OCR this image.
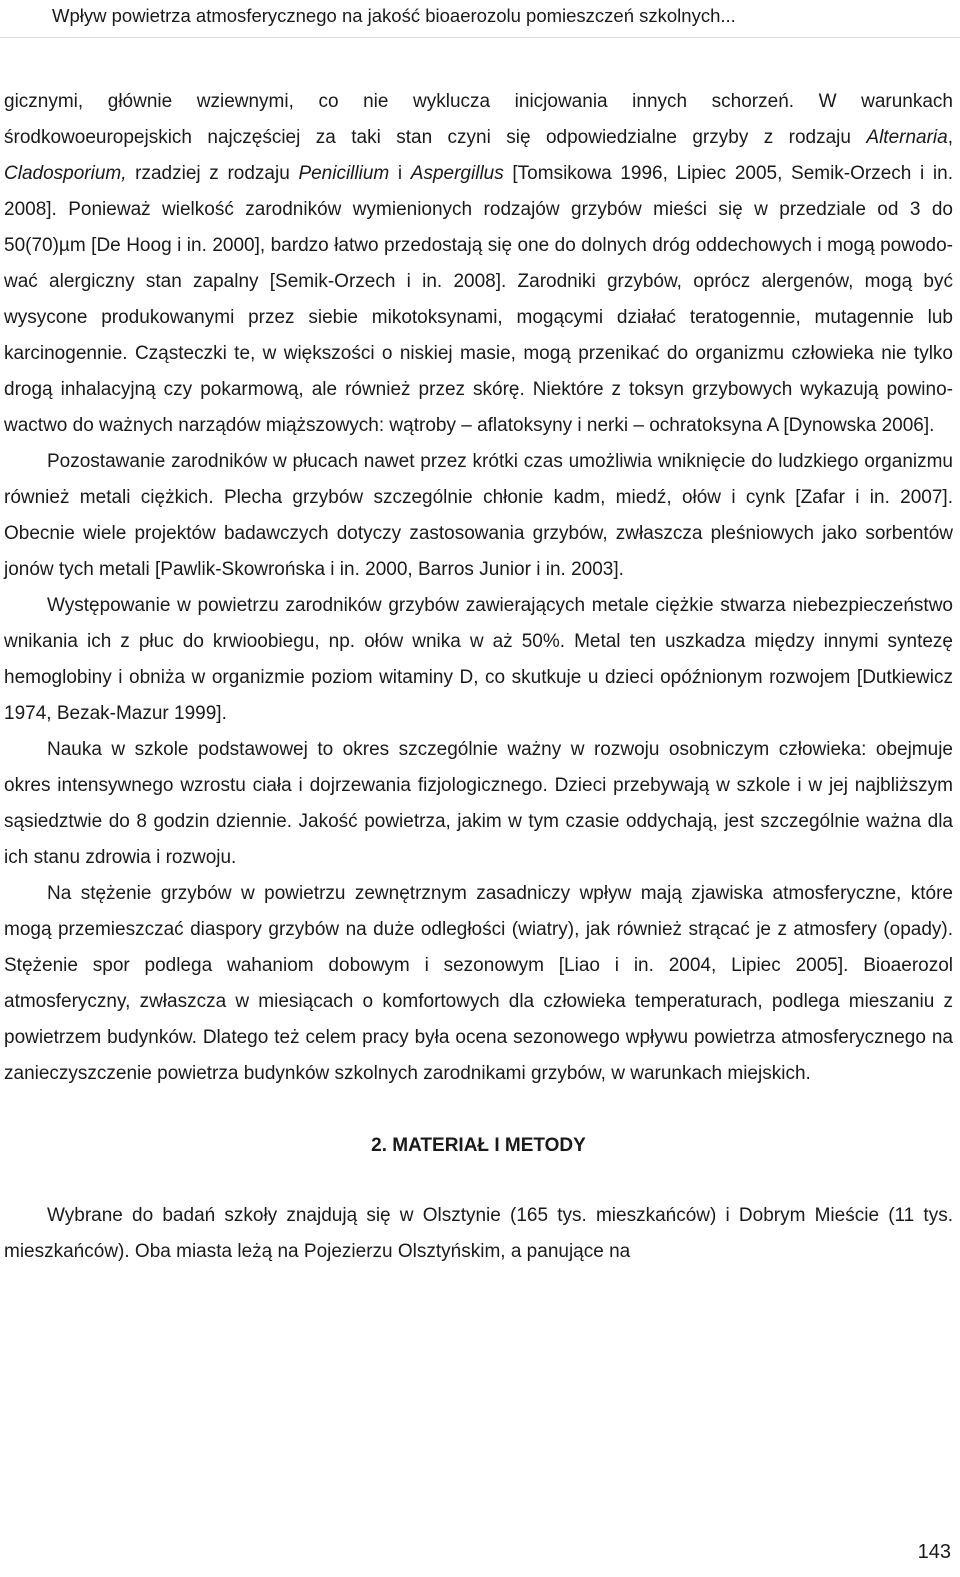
Wpływ powietrza atmosferycznego na jakość bioaerozolu pomieszczeń szkolnych...

gicznymi, głównie wziewnymi, co nie wyklucza inicjowania innych schorzeń. W warunkach środkowoeuropejskich najczęściej za taki stan czyni się odpowiedzialne grzyby z rodzaju Alternaria, Cladosporium, rzadziej z rodzaju Penicillium i Aspergillus [Tomsikowa 1996, Lipiec 2005, Semik-Orzech i in. 2008]. Ponieważ wielkość zarodników wymienionych rodzajów grzybów mieści się w przedziale od 3 do 50(70)µm [De Hoog i in. 2000], bardzo łatwo przedostają się one do dolnych dróg oddechowych i mogą powodować alergiczny stan zapalny [Semik-Orzech i in. 2008]. Zarodniki grzybów, oprócz alergenów, mogą być wysycone produkowanymi przez siebie mikotoksynami, mogącymi działać teratogennie, mutagennie lub karcinogennie. Cząsteczki te, w większości o niskiej masie, mogą przenikać do organizmu człowieka nie tylko drogą inhalacyjną czy pokarmową, ale również przez skórę. Niektóre z toksyn grzybowych wykazują powinowactwo do ważnych narządów miąższowych: wątroby – aflatoksyny i nerki – ochratoksyna A [Dynowska 2006].

Pozostawanie zarodników w płucach nawet przez krótki czas umożliwia wniknięcie do ludzkiego organizmu również metali ciężkich. Plecha grzybów szczególnie chłonie kadm, miedź, ołów i cynk [Zafar i in. 2007]. Obecnie wiele projektów badawczych dotyczy zastosowania grzybów, zwłaszcza pleśniowych jako sorbentów jonów tych metali [Pawlik-Skowrońska i in. 2000, Barros Junior i in. 2003].

Występowanie w powietrzu zarodników grzybów zawierających metale ciężkie stwarza niebezpieczeństwo wnikania ich z płuc do krwioobiegu, np. ołów wnika w aż 50%. Metal ten uszkadza między innymi syntezę hemoglobiny i obniża w organizmie poziom witaminy D, co skutkuje u dzieci opóźnionym rozwojem [Dutkiewicz 1974, Bezak-Mazur 1999].

Nauka w szkole podstawowej to okres szczególnie ważny w rozwoju osobniczym człowieka: obejmuje okres intensywnego wzrostu ciała i dojrzewania fizjologicznego. Dzieci przebywają w szkole i w jej najbliższym sąsiedztwie do 8 godzin dziennie. Jakość powietrza, jakim w tym czasie oddychają, jest szczególnie ważna dla ich stanu zdrowia i rozwoju.

Na stężenie grzybów w powietrzu zewnętrznym zasadniczy wpływ mają zjawiska atmosferyczne, które mogą przemieszczać diaspory grzybów na duże odległości (wiatry), jak również strącać je z atmosfery (opady). Stężenie spor podlega wahaniom dobowym i sezonowym [Liao i in. 2004, Lipiec 2005]. Bioaerozol atmosferyczny, zwłaszcza w miesiącach o komfortowych dla człowieka temperaturach, podlega mieszaniu z powietrzem budynków. Dlatego też celem pracy była ocena sezonowego wpływu powietrza atmosferycznego na zanieczyszczenie powietrza budynków szkolnych zarodnikami grzybów, w warunkach miejskich.

2. MATERIAŁ I METODY

Wybrane do badań szkoły znajdują się w Olsztynie (165 tys. mieszkańców) i Dobrym Mieście (11 tys. mieszkańców). Oba miasta leżą na Pojezierzu Olsztyńskim, a panujące na

143
